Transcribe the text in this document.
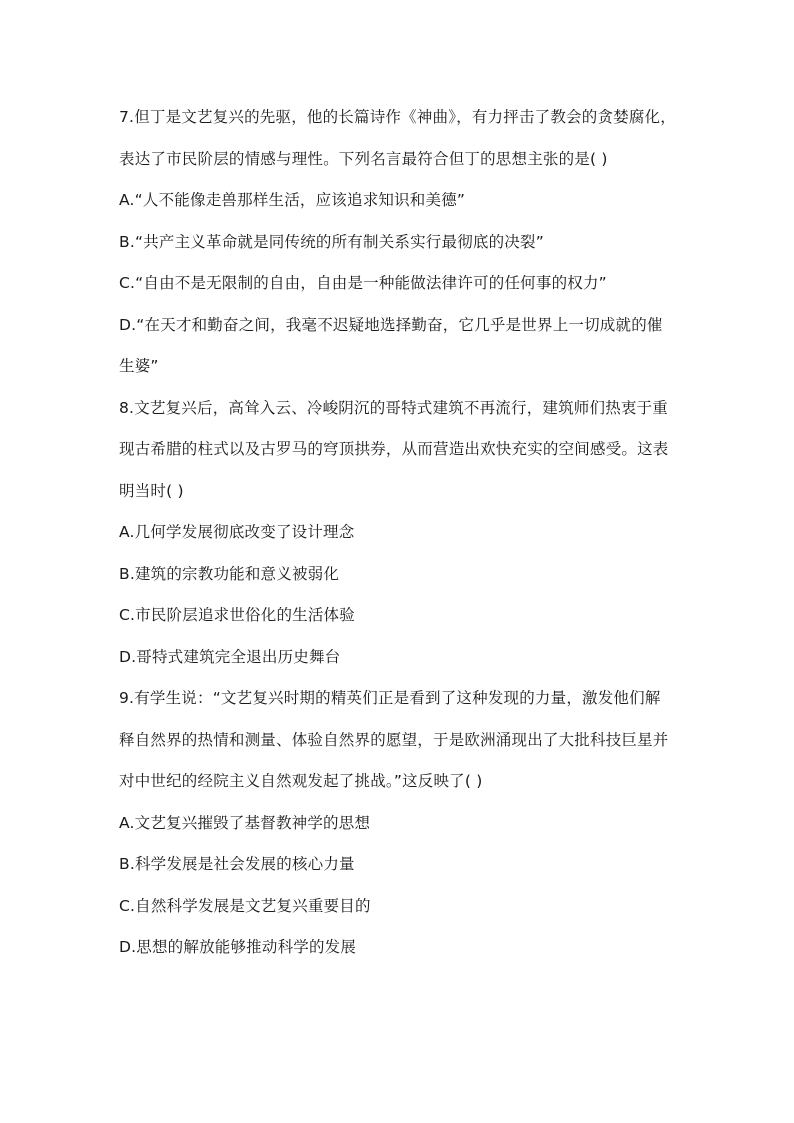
7.但丁是文艺复兴的先驱，他的长篇诗作《神曲》，有力抨击了教会的贪婪腐化，
表达了市民阶层的情感与理性。下列名言最符合但丁的思想主张的是( )
A.“人不能像走兽那样生活，应该追求知识和美德”
B.“共产主义革命就是同传统的所有制关系实行最彻底的决裂”
C.“自由不是无限制的自由，自由是一种能做法律许可的任何事的权力”
D.“在天才和勤奋之间，我毫不迟疑地选择勤奋，它几乎是世界上一切成就的催
生婆”
8.文艺复兴后，高耸入云、冷峻阴沉的哥特式建筑不再流行，建筑师们热衷于重
现古希腊的柱式以及古罗马的穹顶拱券，从而营造出欢快充实的空间感受。这表
明当时( )
A.几何学发展彻底改变了设计理念
B.建筑的宗教功能和意义被弱化
C.市民阶层追求世俗化的生活体验
D.哥特式建筑完全退出历史舞台
9.有学生说：“文艺复兴时期的精英们正是看到了这种发现的力量，激发他们解
释自然界的热情和测量、体验自然界的愿望，于是欧洲涌现出了大批科技巨星并
对中世纪的经院主义自然观发起了挑战。”这反映了( )
A.文艺复兴摧毁了基督教神学的思想
B.科学发展是社会发展的核心力量
C.自然科学发展是文艺复兴重要目的
D.思想的解放能够推动科学的发展
